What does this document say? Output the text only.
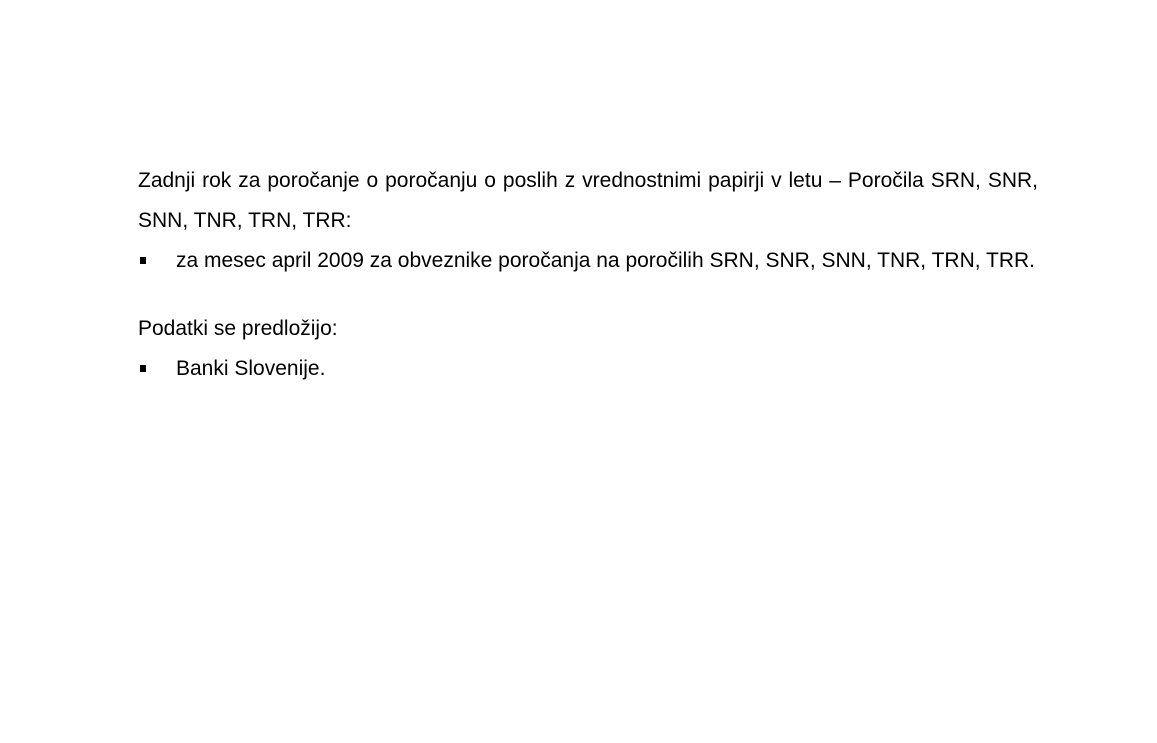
Zadnji rok za poročanje o poročanju o poslih z vrednostnimi papirji v letu – Poročila SRN, SNR, SNN, TNR, TRN, TRR:

za mesec april 2009 za obveznike poročanja na poročilih SRN, SNR, SNN, TNR, TRN, TRR.

Podatki se predložijo:

Banki Slovenije.
